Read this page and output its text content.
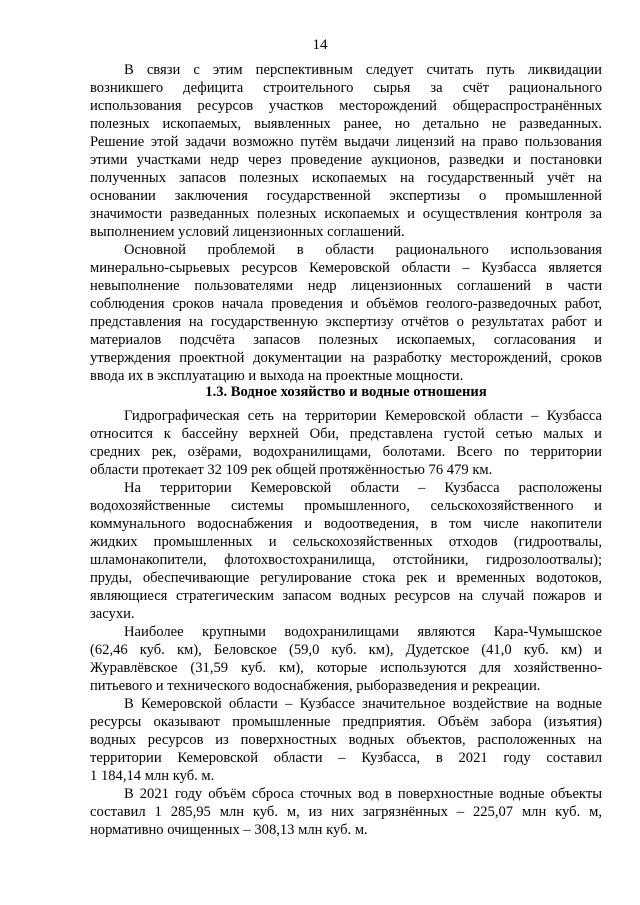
14
В связи с этим перспективным следует считать путь ликвидации
возникшего дефицита строительного сырья за счёт рационального
использования ресурсов участков месторождений общераспространённых
полезных ископаемых, выявленных ранее, но детально не разведанных.
Решение этой задачи возможно путём выдачи лицензий на право пользования
этими участками недр через проведение аукционов, разведки и постановки
полученных запасов полезных ископаемых на государственный учёт на
основании заключения государственной экспертизы о промышленной
значимости разведанных полезных ископаемых и осуществления контроля за
выполнением условий лицензионных соглашений.
Основной проблемой в области рационального использования
минерально-сырьевых ресурсов Кемеровской области – Кузбасса является
невыполнение пользователями недр лицензионных соглашений в части
соблюдения сроков начала проведения и объёмов геолого-разведочных работ,
представления на государственную экспертизу отчётов о результатах работ и
материалов подсчёта запасов полезных ископаемых, согласования и
утверждения проектной документации на разработку месторождений, сроков
ввода их в эксплуатацию и выхода на проектные мощности.
1.3. Водное хозяйство и водные отношения
Гидрографическая сеть на территории Кемеровской области – Кузбасса
относится к бассейну верхней Оби, представлена густой сетью малых и
средних рек, озёрами, водохранилищами, болотами. Всего по территории
области протекает 32 109 рек общей протяжённостью 76 479 км.
На территории Кемеровской области – Кузбасса расположены
водохозяйственные системы промышленного, сельскохозяйственного и
коммунального водоснабжения и водоотведения, в том числе накопители
жидких промышленных и сельскохозяйственных отходов (гидроотвалы,
шламонакопители, флотохвостохранилища, отстойники, гидрозолоотвалы);
пруды, обеспечивающие регулирование стока рек и временных водотоков,
являющиеся стратегическим запасом водных ресурсов на случай пожаров и
засухи.
Наиболее крупными водохранилищами являются Кара-Чумышское
(62,46 куб. км), Беловское (59,0 куб. км), Дудетское (41,0 куб. км) и
Журавлёвское (31,59 куб. км), которые используются для хозяйственно-
питьевого и технического водоснабжения, рыборазведения и рекреации.
В Кемеровской области – Кузбассе значительное воздействие на водные
ресурсы оказывают промышленные предприятия. Объём забора (изъятия)
водных ресурсов из поверхностных водных объектов, расположенных на
территории Кемеровской области – Кузбасса, в 2021 году составил
1 184,14 млн куб. м.
В 2021 году объём сброса сточных вод в поверхностные водные объекты
составил 1 285,95 млн куб. м, из них загрязнённых – 225,07 млн куб. м,
нормативно очищенных – 308,13 млн куб. м.
